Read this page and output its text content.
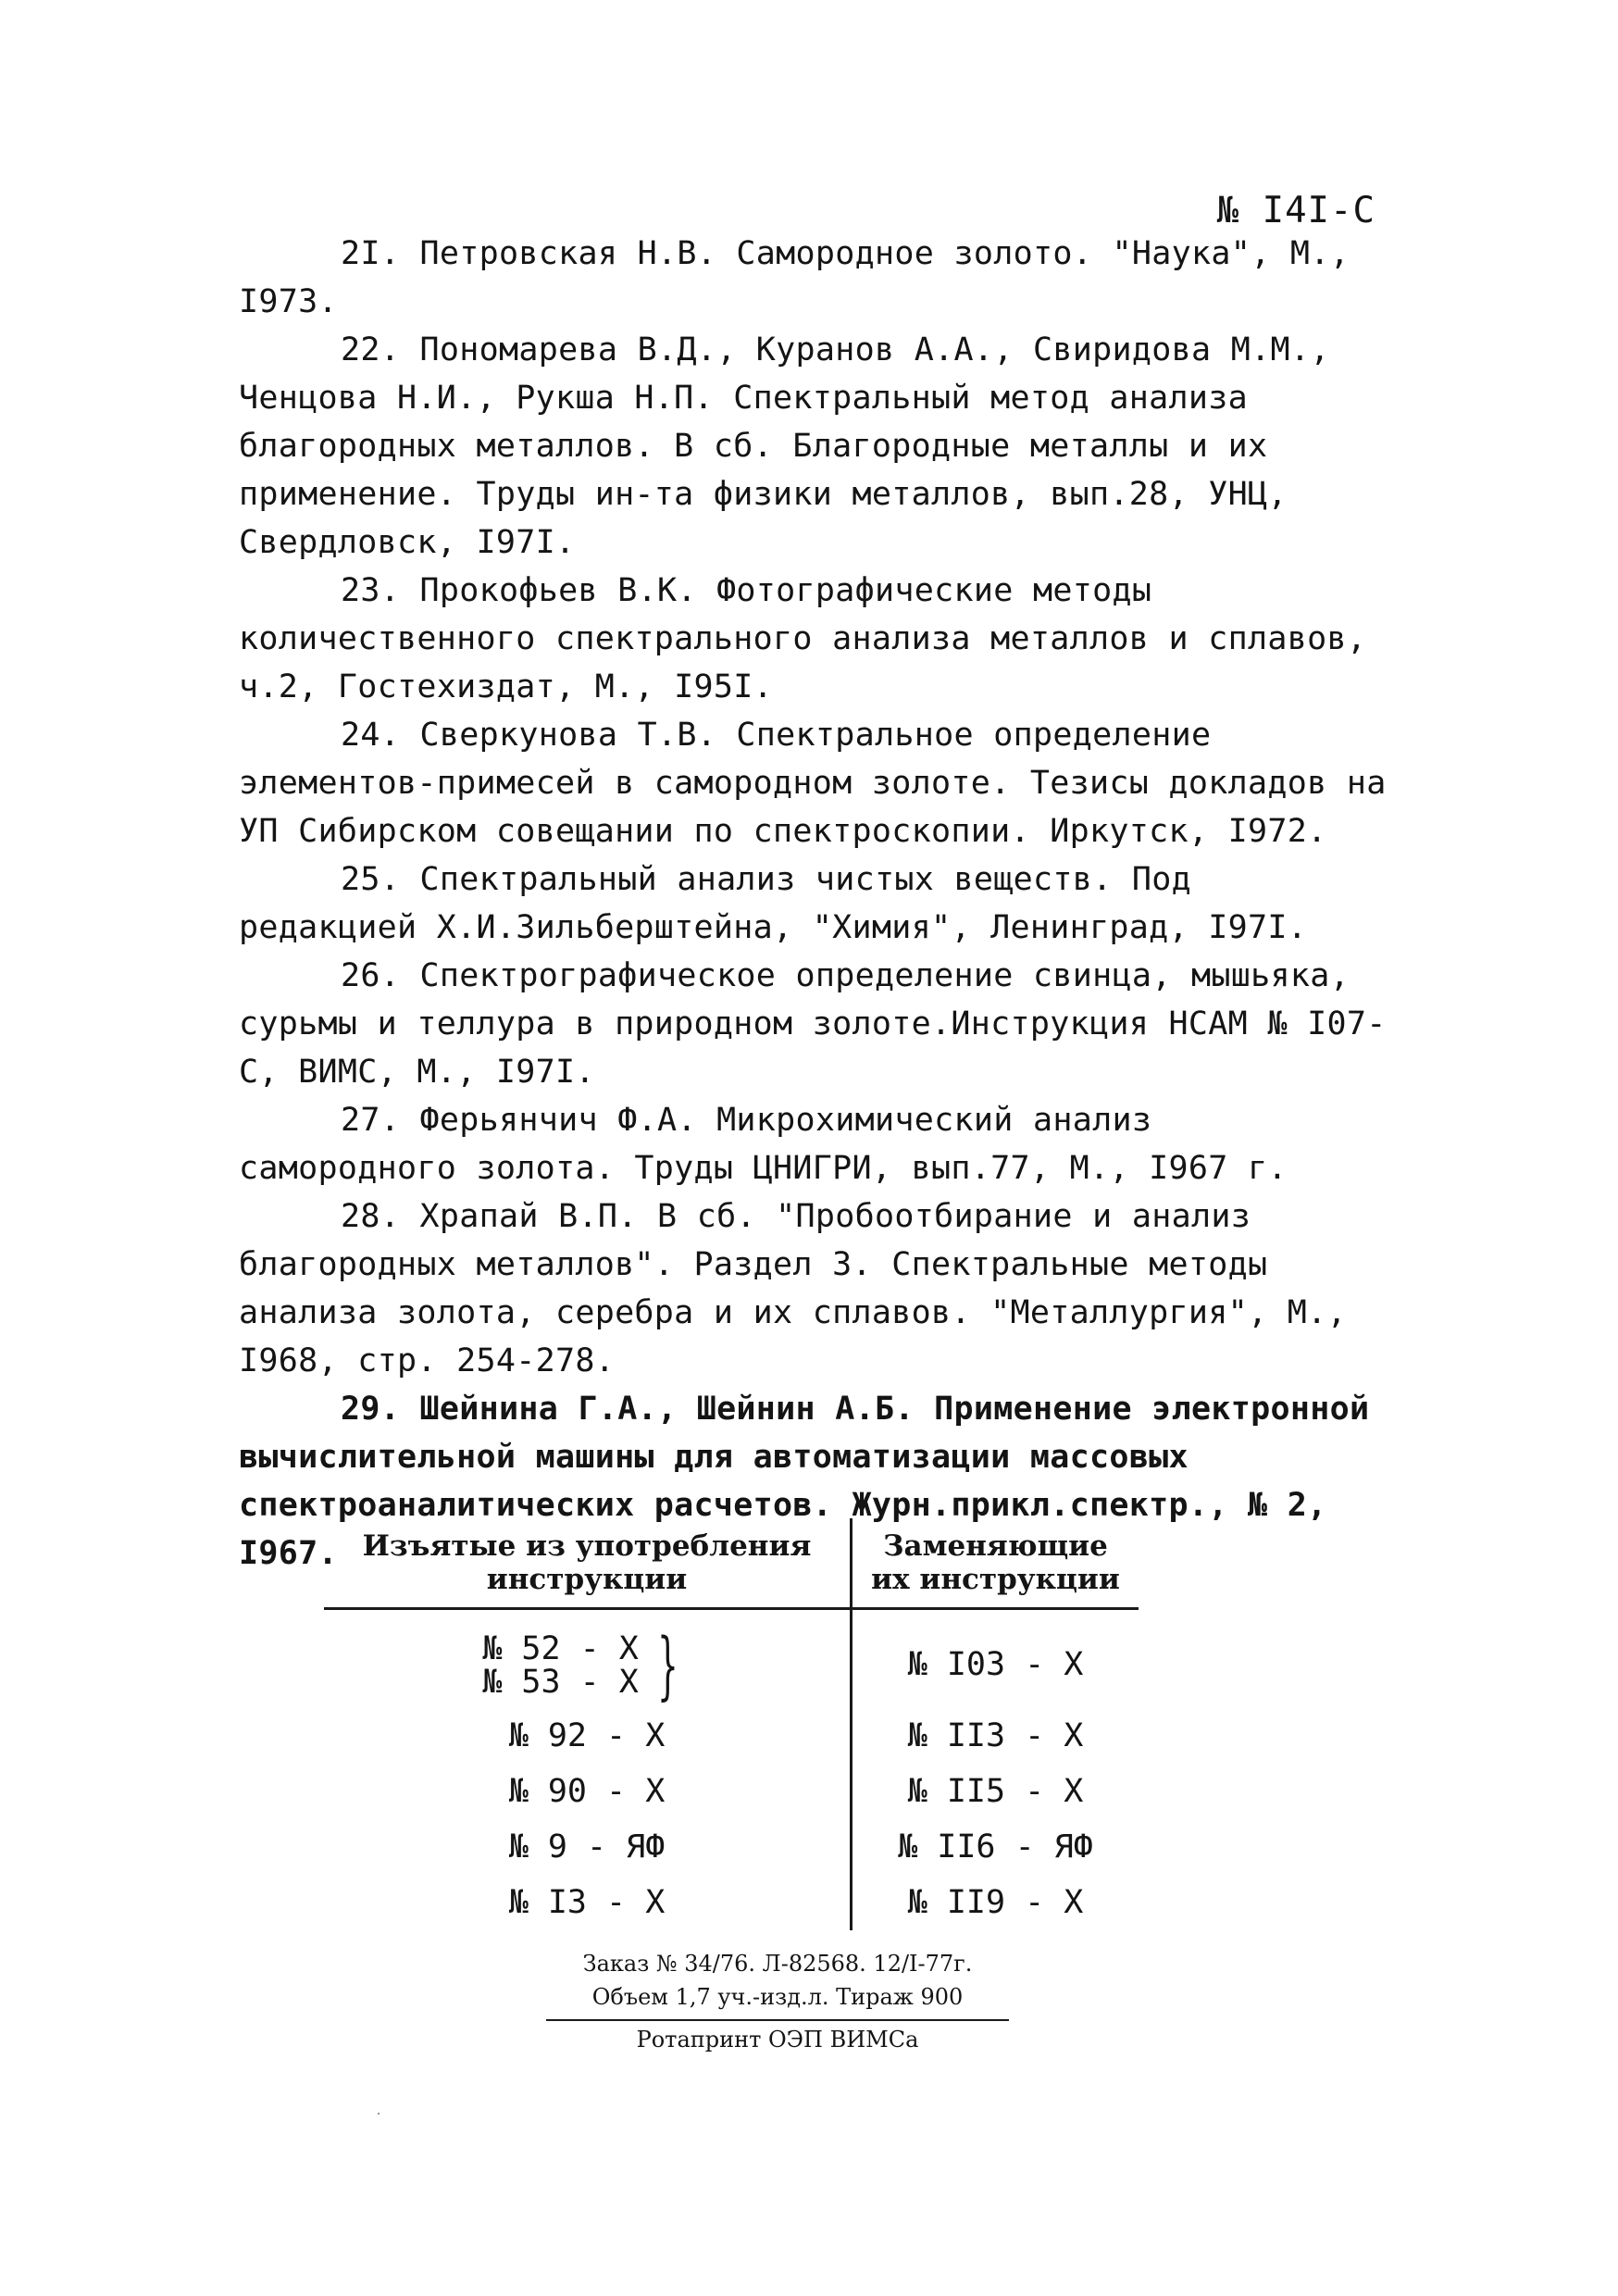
№ I4I-C

2I. Петровская Н.В. Самородное золото. "Наука", М., I973.

22. Пономарева В.Д., Куранов А.А., Свиридова М.М., Ченцова Н.И., Рукша Н.П. Спектральный метод анализа благородных металлов. В сб. Благородные металлы и их применение. Труды ин-та физики металлов, вып.28, УНЦ, Свердловск, I97I.

23. Прокофьев В.К. Фотографические методы количественного спектрального анализа металлов и сплавов, ч.2, Гостехиздат, М., I95I.

24. Сверкунова Т.В. Спектральное определение элементов-примесей в самородном золоте. Тезисы докладов на УП Сибирском совещании по спектроскопии. Иркутск, I972.

25. Спектральный анализ чистых веществ. Под редакцией Х.И.Зильберштейна, "Химия", Ленинград, I97I.

26. Спектрографическое определение свинца, мышьяка, сурьмы и теллура в природном золоте.Инструкция НСАМ № I07-С, ВИМС, М., I97I.

27. Ферьянчич Ф.А. Микрохимический анализ самородного золота. Труды ЦНИГРИ, вып.77, М., I967 г.

28. Храпай В.П. В сб. "Пробоотбирание и анализ благородных металлов". Раздел 3. Спектральные методы анализа золота, серебра и их сплавов. "Металлургия", М., I968, стр. 254-278.

29. Шейнина Г.А., Шейнин А.Б. Применение электронной вычислительной машины для автоматизации массовых спектроаналитических расчетов. Журн.прикл.спектр., № 2, I967. Изъятые из употребления инструкции	Заменяющие их инструкции

№ 52 - Х
№ 53 - Х }	№ I03 - Х
№ 92 - Х	№ II3 - Х
№ 90 - Х	№ II5 - Х
№ 9 - ЯФ	№ II6 - ЯФ
№ I3 - Х	№ II9 - Х
Заказ № 34/76. Л-82568. 12/I-77г.
Объем 1,7 уч.-изд.л. Тираж 900
Ротапринт ОЭП ВИМСа
